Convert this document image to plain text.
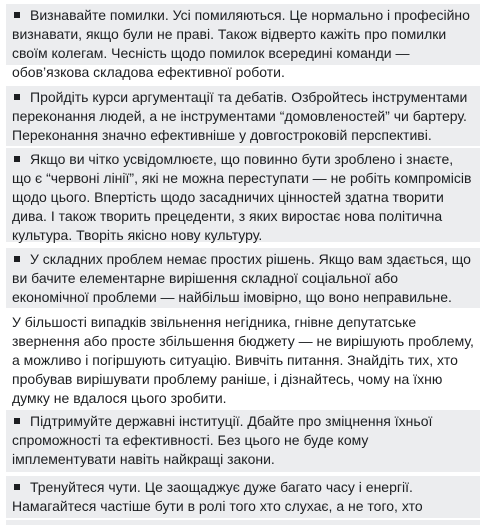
Визнавайте помилки. Усі помиляються. Це нормально і професійно визнавати, якщо були не праві. Також відверто кажіть про помилки своїм колегам. Чесність щодо помилок всередині команди — обов’язкова складова ефективної роботи.
Пройдіть курси аргументації та дебатів. Озбройтесь інструментами переконання людей, а не інструментами “домовленостей” чи бартеру. Переконання значно ефективніше у довгостроковій перспективі.
Якщо ви чітко усвідомлюєте, що повинно бути зроблено і знаєте, що є “червоні лінії”, які не можна переступати — не робіть компромісів щодо цього. Впертість щодо засадничих цінностей здатна творити дива. І також творить прецеденти, з яких виростає нова політична культура. Творіть якісно нову культуру.
У складних проблем немає простих рішень. Якщо вам здається, що ви бачите елементарне вирішення складної соціальної або економічної проблеми — найбільш імовірно, що воно неправильне.
У більшості випадків звільнення негідника, гнівне депутатське звернення або просте збільшення бюджету — не вирішують проблему, а можливо і погіршують ситуацію. Вивчіть питання. Знайдіть тих, хто пробував вирішувати проблему раніше, і дізнайтесь, чому на їхню думку не вдалося цього зробити.
Підтримуйте державні інституції. Дбайте про зміцнення їхньої спроможності та ефективності. Без цього не буде кому імплементувати навіть найкращі закони.
Тренуйтеся чути. Це заощаджує дуже багато часу і енергії. Намагайтеся частіше бути в ролі того хто слухає, а не того, хто
